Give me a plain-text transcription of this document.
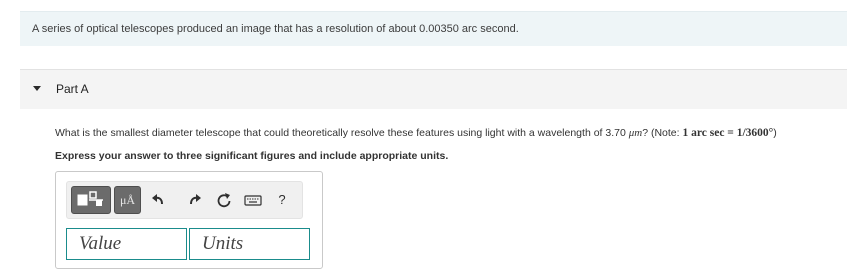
A series of optical telescopes produced an image that has a resolution of about 0.00350 arc second.
Part A
What is the smallest diameter telescope that could theoretically resolve these features using light with a wavelength of 3.70 μm? (Note: 1 arc sec = 1/3600°)
Express your answer to three significant figures and include appropriate units.
μÅ	?
Value
Units
